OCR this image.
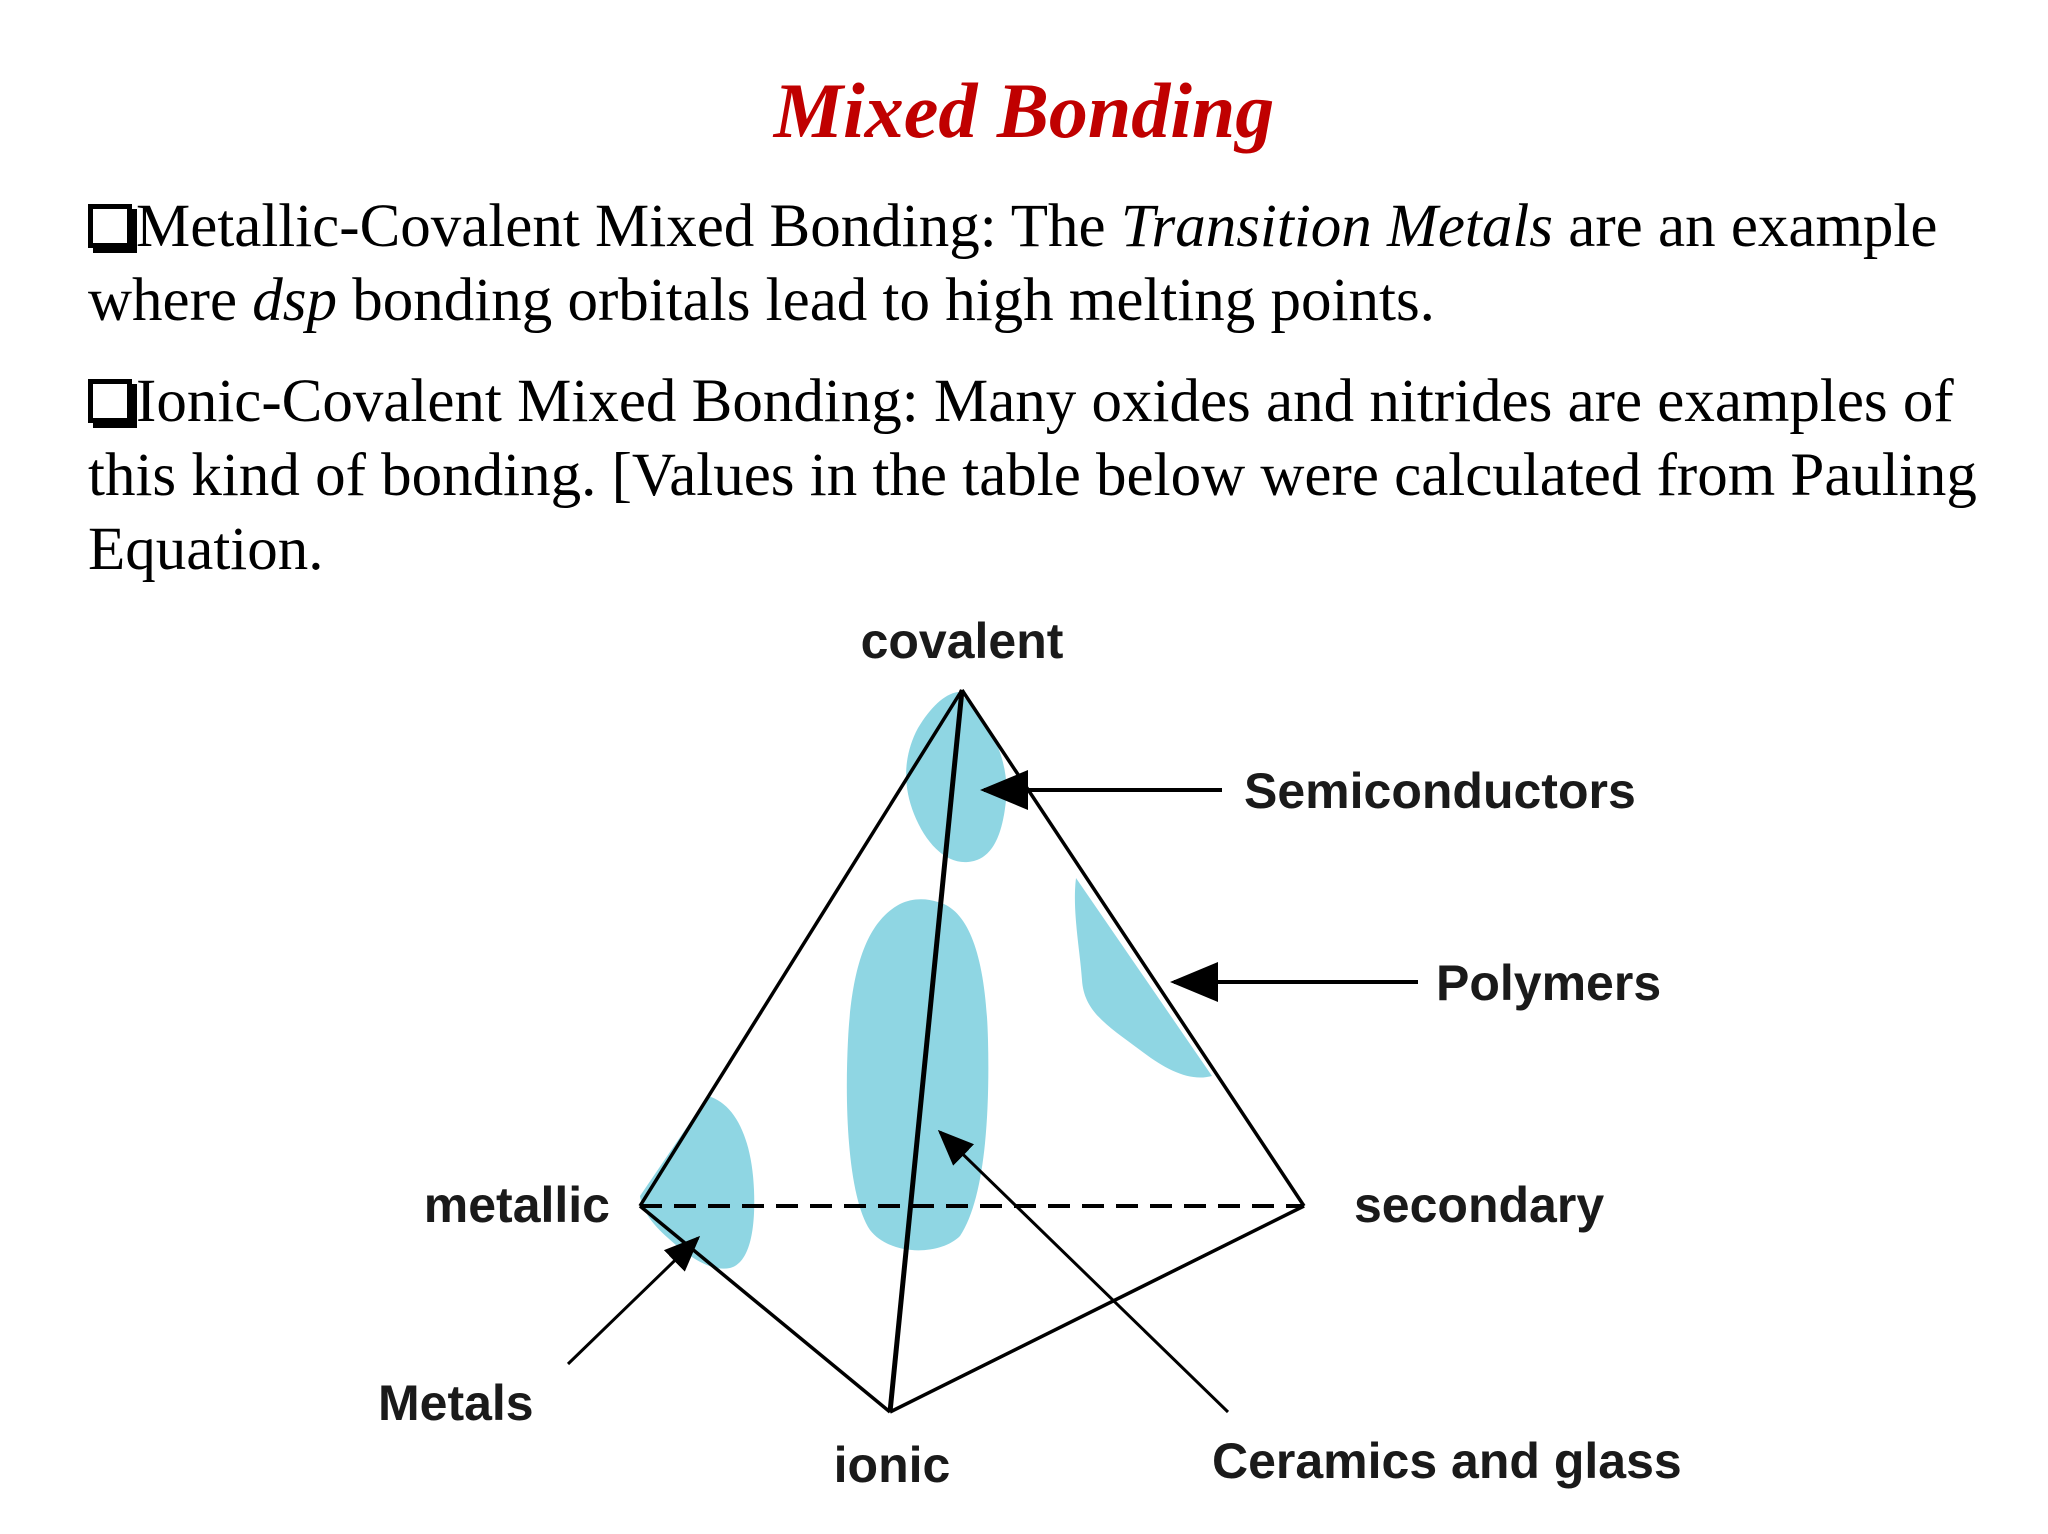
Mixed Bonding

Metallic-Covalent Mixed Bonding: The Transition Metals are an example where dsp bonding orbitals lead to high melting points.

Ionic-Covalent Mixed Bonding: Many oxides and nitrides are examples of this kind of bonding. [Values in the table below were calculated from Pauling Equation.

covalent
metallic	secondary
ionic
Semiconductors
Polymers
Metals
Ceramics and glass
